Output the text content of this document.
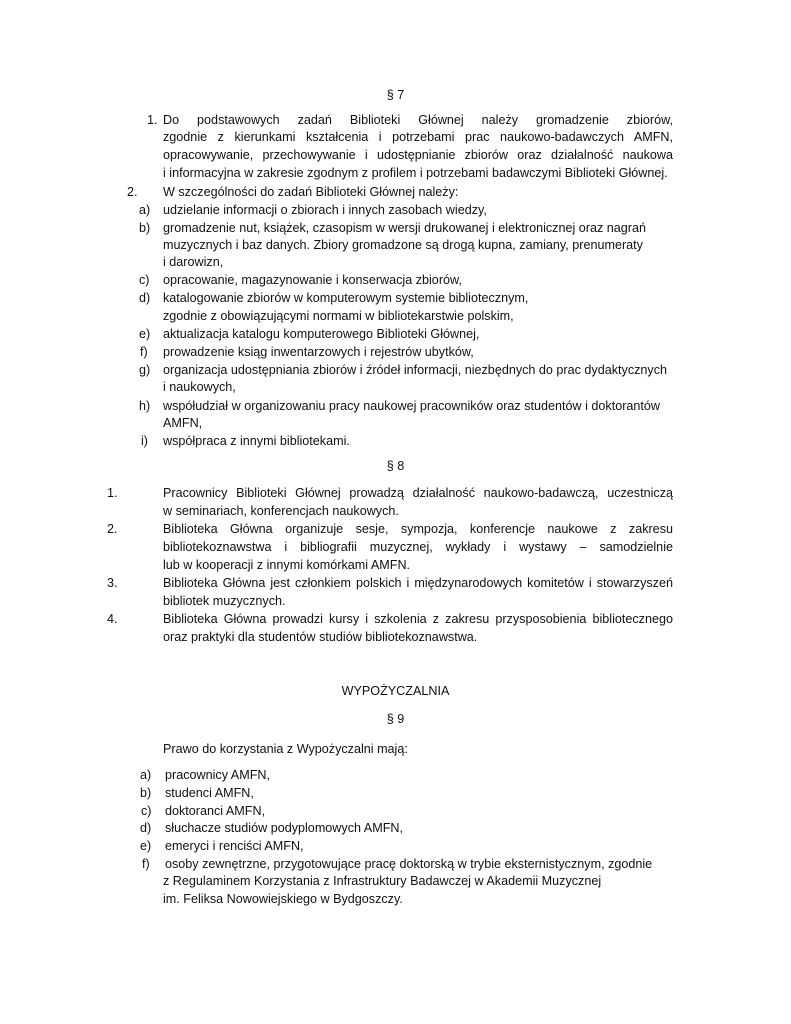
§ 7
1. Do podstawowych zadań Biblioteki Głównej należy gromadzenie zbiorów,
zgodnie z kierunkami kształcenia i potrzebami prac naukowo-badawczych AMFN,
opracowywanie, przechowywanie i udostępnianie zbiorów oraz działalność naukowa
i informacyjna w zakresie zgodnym z profilem i potrzebami badawczymi Biblioteki Głównej.
2. W szczególności do zadań Biblioteki Głównej należy:
a) udzielanie informacji o zbiorach i innych zasobach wiedzy,
b) gromadzenie nut, książek, czasopism w wersji drukowanej i elektronicznej oraz nagrań
muzycznych i baz danych. Zbiory gromadzone są drogą kupna, zamiany, prenumeraty
i darowizn,
c) opracowanie, magazynowanie i konserwacja zbiorów,
d) katalogowanie zbiorów w komputerowym systemie bibliotecznym,
zgodnie z obowiązującymi normami w bibliotekarstwie polskim,
e) aktualizacja katalogu komputerowego Biblioteki Głównej,
f) prowadzenie ksiąg inwentarzowych i rejestrów ubytków,
g) organizacja udostępniania zbiorów i źródeł informacji, niezbędnych do prac dydaktycznych
i naukowych,
h) współudział w organizowaniu pracy naukowej pracowników oraz studentów i doktorantów
AMFN,
i) współpraca z innymi bibliotekami.
§ 8
1.	Pracownicy Biblioteki Głównej prowadzą działalność naukowo-badawczą, uczestniczą
w seminariach, konferencjach naukowych.
2.	Biblioteka Główna organizuje sesje, sympozja, konferencje naukowe z zakresu
bibliotekoznawstwa i bibliografii muzycznej, wykłady i wystawy – samodzielnie
lub w kooperacji z innymi komórkami AMFN.
3.	Biblioteka Główna jest członkiem polskich i międzynarodowych komitetów i stowarzyszeń
bibliotek muzycznych.
4.	Biblioteka Główna prowadzi kursy i szkolenia z zakresu przysposobienia bibliotecznego
oraz praktyki dla studentów studiów bibliotekoznawstwa.
WYPOŻYCZALNIA
§ 9
Prawo do korzystania z Wypożyczalni mają:
a) pracownicy AMFN,
b) studenci AMFN,
c) doktoranci AMFN,
d) słuchacze studiów podyplomowych AMFN,
e) emeryci i renciści AMFN,
f) osoby zewnętrzne, przygotowujące pracę doktorską w trybie eksternistycznym, zgodnie
z Regulaminem Korzystania z Infrastruktury Badawczej w Akademii Muzycznej
im. Feliksa Nowowiejskiego w Bydgoszczy.
